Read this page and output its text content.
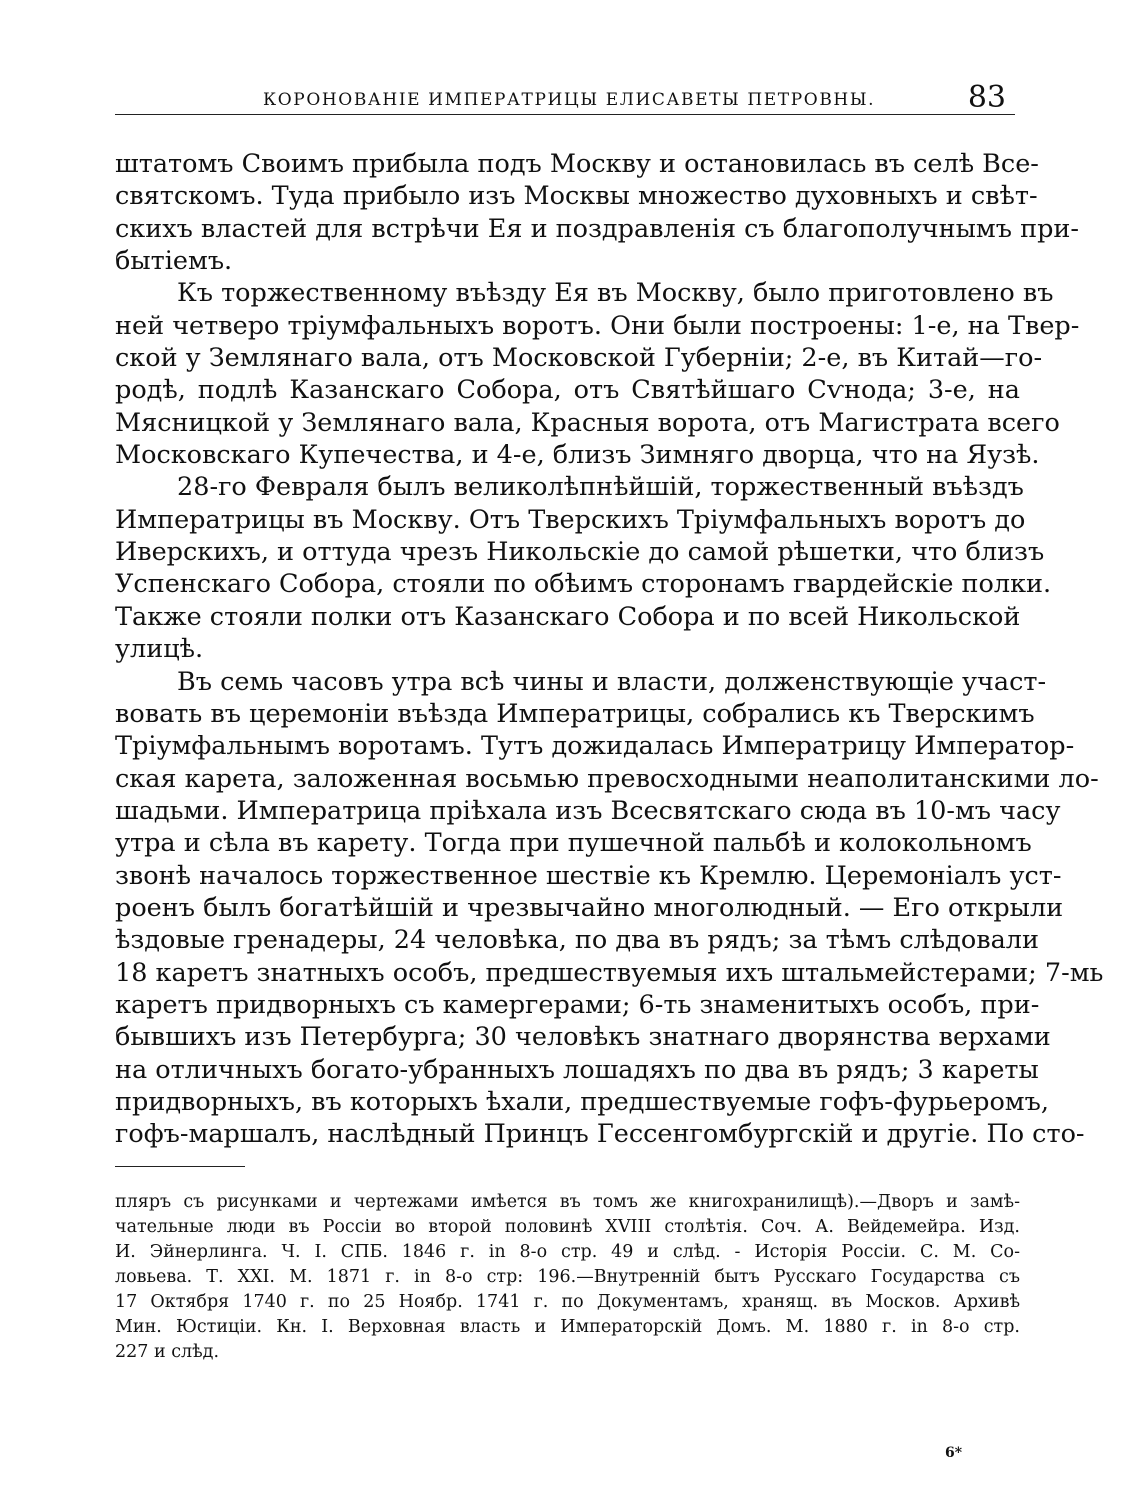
КОРОНОВАНІЕ ИМПЕРАТРИЦЫ ЕЛИСАВЕТЫ ПЕТРОВНЫ.	83
штатомъ Своимъ прибыла подъ Москву и остановилась въ селѣ Все-
святскомъ. Туда прибыло изъ Москвы множество духовныхъ и свѣт-
скихъ властей для встрѣчи Ея и поздравленія съ благополучнымъ при-
бытіемъ.
Къ торжественному въѣзду Ея въ Москву, было приготовлено въ
ней четверо тріумфальныхъ воротъ. Они были построены: 1-е, на Твер-
ской у Землянаго вала, отъ Московской Губерніи; 2-е, въ Китай—го-
родѣ, подлѣ Казанскаго Собора, отъ Святѣйшаго Сѵнода; 3-е, на
Мясницкой у Землянаго вала, Красныя ворота, отъ Магистрата всего
Московскаго Купечества, и 4-е, близъ Зимняго дворца, что на Яузѣ.
28-го Февраля былъ великолѣпнѣйшій, торжественный въѣздъ
Императрицы въ Москву. Отъ Тверскихъ Тріумфальныхъ воротъ до
Иверскихъ, и оттуда чрезъ Никольскіе до самой рѣшетки, что близъ
Успенскаго Собора, стояли по обѣимъ сторонамъ гвардейскіе полки.
Также стояли полки отъ Казанскаго Собора и по всей Никольской
улицѣ.
Въ семь часовъ утра всѣ чины и власти, долженствующіе участ-
вовать въ церемоніи въѣзда Императрицы, собрались къ Тверскимъ
Тріумфальнымъ воротамъ. Тутъ дожидалась Императрицу Император-
ская карета, заложенная восьмью превосходными неаполитанскими ло-
шадьми. Императрица пріѣхала изъ Всесвятскаго сюда въ 10-мъ часу
утра и сѣла въ карету. Тогда при пушечной пальбѣ и колокольномъ
звонѣ началось торжественное шествіе къ Кремлю. Церемоніалъ уст-
роенъ былъ богатѣйшій и чрезвычайно многолюдный. — Его открыли
ѣздовые гренадеры, 24 человѣка, по два въ рядъ; за тѣмъ слѣдовали
18 каретъ знатныхъ особъ, предшествуемыя ихъ штальмейстерами; 7-мь
каретъ придворныхъ съ камергерами; 6-ть знаменитыхъ особъ, при-
бывшихъ изъ Петербурга; 30 человѣкъ знатнаго дворянства верхами
на отличныхъ богато-убранныхъ лошадяхъ по два въ рядъ; 3 кареты
придворныхъ, въ которыхъ ѣхали, предшествуемые гофъ-фурьеромъ,
гофъ-маршалъ, наслѣдный Принцъ Гессенгомбургскій и другіе. По сто-
пляръ съ рисунками и чертежами имѣется въ томъ же книгохранилищѣ).—Дворъ и замѣ-
чательные люди въ Россіи во второй половинѣ XVIII столѣтія. Соч. А. Вейдемейра. Изд.
И. Эйнерлинга. Ч. I. СПБ. 1846 г. in 8-о стр. 49 и слѣд. - Исторія Россіи. С. М. Со-
ловьева. Т. XXI. М. 1871 г. in 8-о стр: 196.—Внутренній бытъ Русскаго Государства съ
17 Октября 1740 г. по 25 Ноябр. 1741 г. по Документамъ, хранящ. въ Москов. Архивѣ
Мин. Юстиціи. Кн. I. Верховная власть и Императорскій Домъ. М. 1880 г. in 8-о стр.
227 и слѣд.
6*
